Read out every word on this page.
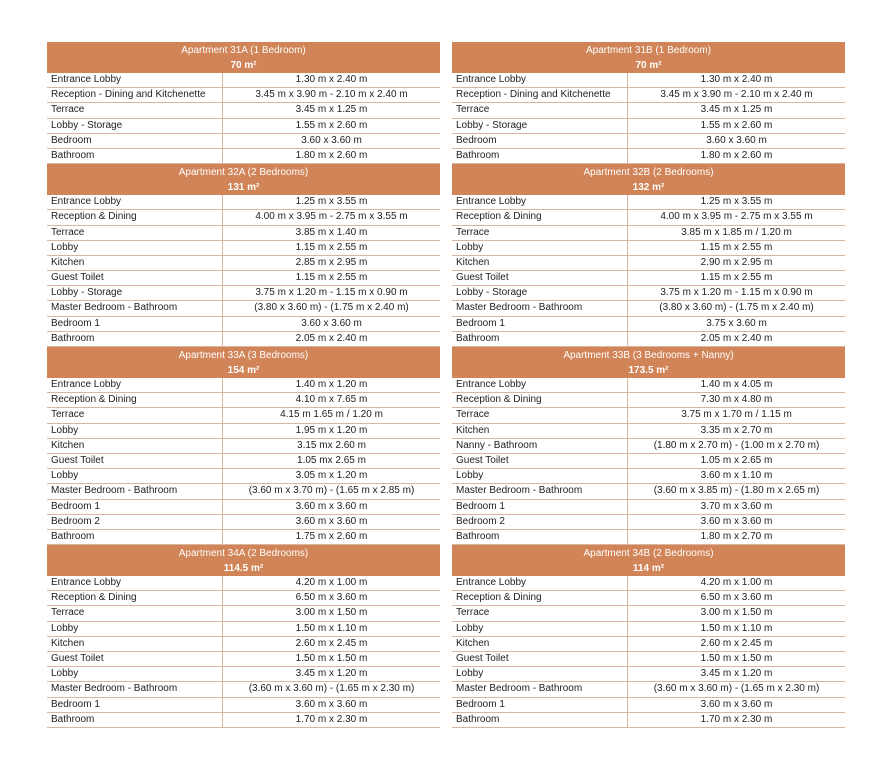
Apartment 31A (1 Bedroom)
70 m²
Entrance Lobby	1.30 m x 2.40 m
Reception - Dining and Kitchenette	3.45 m x 3.90 m - 2.10 m x 2.40 m
Terrace	3.45 m x 1.25 m
Lobby - Storage	1.55 m x 2.60 m
Bedroom	3.60 x 3.60 m
Bathroom	1.80 m x 2.60 m
Apartment 32A (2 Bedrooms)
131 m²
Entrance Lobby	1.25 m x 3.55 m
Reception & Dining	4.00 m x 3.95 m - 2.75 m x 3.55 m
Terrace	3.85 m x 1.40 m
Lobby	1.15 m x 2.55 m
Kitchen	2.85 m x 2.95 m
Guest Toilet	1.15 m x 2.55 m
Lobby - Storage	3.75 m x 1.20 m - 1.15 m x 0.90 m
Master Bedroom - Bathroom	(3.80 x 3.60 m) - (1.75 m x 2.40 m)
Bedroom 1	3.60 x 3.60 m
Bathroom	2.05 m x 2.40 m
Apartment 33A (3 Bedrooms)
154 m²
Entrance Lobby	1.40 m x 1.20 m
Reception & Dining	4.10 m x 7.65 m
Terrace	4.15 m 1.65 m / 1.20 m
Lobby	1.95 m x 1.20 m
Kitchen	3.15 mx 2.60 m
Guest Toilet	1.05 mx 2.65 m
Lobby	3.05 m x 1.20 m
Master Bedroom - Bathroom	(3.60 m x 3.70 m) - (1.65 m x 2.85 m)
Bedroom 1	3.60 m x 3.60 m
Bedroom 2	3.60 m x 3.60 m
Bathroom	1.75 m x 2.60 m
Apartment 34A (2 Bedrooms)
114.5 m²
Entrance Lobby	4.20 m x 1.00 m
Reception & Dining	6.50 m x 3.60 m
Terrace	3.00 m x 1.50 m
Lobby	1.50 m x 1.10 m
Kitchen	2.60 m x 2.45 m
Guest Toilet	1.50 m x 1.50 m
Lobby	3.45 m x 1.20 m
Master Bedroom - Bathroom	(3.60 m x 3.60 m) - (1.65 m x 2.30 m)
Bedroom 1	3.60 m x 3.60 m
Bathroom	1.70 m x 2.30 m
Apartment 31B (1 Bedroom)
70 m²
Entrance Lobby	1.30 m x 2.40 m
Reception - Dining and Kitchenette	3.45 m x 3.90 m - 2.10 m x 2.40 m
Terrace	3.45 m x 1.25 m
Lobby - Storage	1.55 m x 2.60 m
Bedroom	3.60 x 3.60 m
Bathroom	1.80 m x 2.60 m
Apartment 32B (2 Bedrooms)
132 m²
Entrance Lobby	1.25 m x 3.55 m
Reception & Dining	4.00 m x 3.95 m - 2.75 m x 3.55 m
Terrace	3.85 m x 1.85 m / 1.20 m
Lobby	1.15 m x 2.55 m
Kitchen	2.90 m x 2.95 m
Guest Toilet	1.15 m x 2.55 m
Lobby - Storage	3.75 m x 1.20 m - 1.15 m x 0.90 m
Master Bedroom - Bathroom	(3.80 x 3.60 m) - (1.75 m x 2.40 m)
Bedroom 1	3.75 x 3.60 m
Bathroom	2.05 m x 2.40 m
Apartment 33B (3 Bedrooms + Nanny)
173.5 m²
Entrance Lobby	1.40 m x 4.05 m
Reception & Dining	7.30 m x 4.80 m
Terrace	3.75 m x 1.70 m / 1.15 m
Kitchen	3.35 m x 2.70 m
Nanny - Bathroom	(1.80 m x 2.70 m) - (1.00 m x 2.70 m)
Guest Toilet	1.05 m x 2.65 m
Lobby	3.60 m x 1.10 m
Master Bedroom - Bathroom	(3.60 m x 3.85 m) - (1.80 m x 2.65 m)
Bedroom 1	3.70 m x 3.60 m
Bedroom 2	3.60 m x 3.60 m
Bathroom	1.80 m x 2.70 m
Apartment 34B (2 Bedrooms)
114 m²
Entrance Lobby	4.20 m x 1.00 m
Reception & Dining	6.50 m x 3.60 m
Terrace	3.00 m x 1.50 m
Lobby	1.50 m x 1.10 m
Kitchen	2.60 m x 2.45 m
Guest Toilet	1.50 m x 1.50 m
Lobby	3.45 m x 1.20 m
Master Bedroom - Bathroom	(3.60 m x 3.60 m) - (1.65 m x 2.30 m)
Bedroom 1	3.60 m x 3.60 m
Bathroom	1.70 m x 2.30 m
